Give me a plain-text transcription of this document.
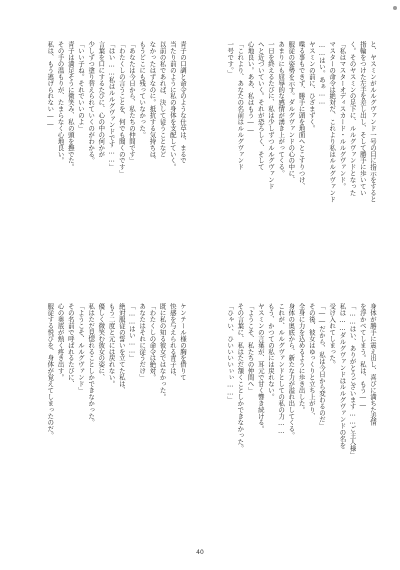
と、ヤスミンがルルグヴァンド一号の目に指示をすると
指輪をつけた左手を差し出し、そして勝手に歩いてい
く。そのヤスミンの足下に、ルルグヴァンドとなった
「私はマスターオディスカード・ルルグヴァンド。
マスターの命令は絶対だ、これより私はルルグヴァンド
……はい。あぁ……
ヤスミンの前に、ひざまずく。
喋る事もできず、勝手に頭を地面へとこすりつけ、
服従の姿勢を示す。ダルグヴァンドの心の中に、
あまりにも屈辱的な感情が湧き上がってくる。
一日を終えるたびに、私は少しずつルルグヴァンド
へと近づいていく。それが恐ろしく、そして
心地良い。ああ、私はもう――
「これより、あなたの名前はルルグヴァンド
一号です。」
青子の口調と命令のような仕草は、まるで
当たり前のように私の身体を支配していく。
以前の私であれば、決して従うことなど
なかったはずなのに。抵抗する気持ちは、
もうどこにも残っていなかった。
「あなたは今日から、私たちの仲間です」
「わたくしの言うことを、何でも聞くのです」
「はい……私はルルグヴァンドです……」
言葉を口にするたびに、心の中の何かが
少しずつ塗り替えられていくのがわかる。
「いい子ね。それでいいのよ」
青子は満足そうに微笑み、私の頭を撫でた。
その手の温もりが、たまらなく心地良い。
私は、もう逃げられない――
身体が勝手に震え出し、喜びに満ちた表情
を浮かべてしまう。私は、もう――
「……はい、ありがとうございます……ご主人様」
私は……ダルグヴァンドはルルグヴァンドの名を
受け入れてしまった。
「――だから、私は今日から変わるのだ」
その後、彼女はゆっくりと立ち上がり、
全身に力を込めるように歩き出した。
身体の奥底から、新たな力が溢れ出してくる。
これが、ルルグヴァンドとしての私の力……
もう、かつての私には戻れない。
ヤスミンの言葉が、耳元で甘く響き続ける。
「ようこそ、私たちの仲間へ」
その言葉に、私はただ頷くことしかできなかった。
「ひゃい、ひいいいいぃぃ……」
ケンテール様の胸を借りて
快感を与えられる青子は、
既に私の知る彼女ではなかった。
「わたくしの命令は絶対。
あなたはそれに従うだけ」
「……はい……」
絶対服従の誓いを立てた私は、
もう二度と元には戻れない。
優しく微笑む彼女の姿に、
私はただ見惚れることしかできなかった。
「ようこそ、ルルグヴァンド」
その名前で呼ばれるたびに、
心の奥底が熱く疼き出す。
服従する悦びを、身体が覚えてしまったのだ。
40
